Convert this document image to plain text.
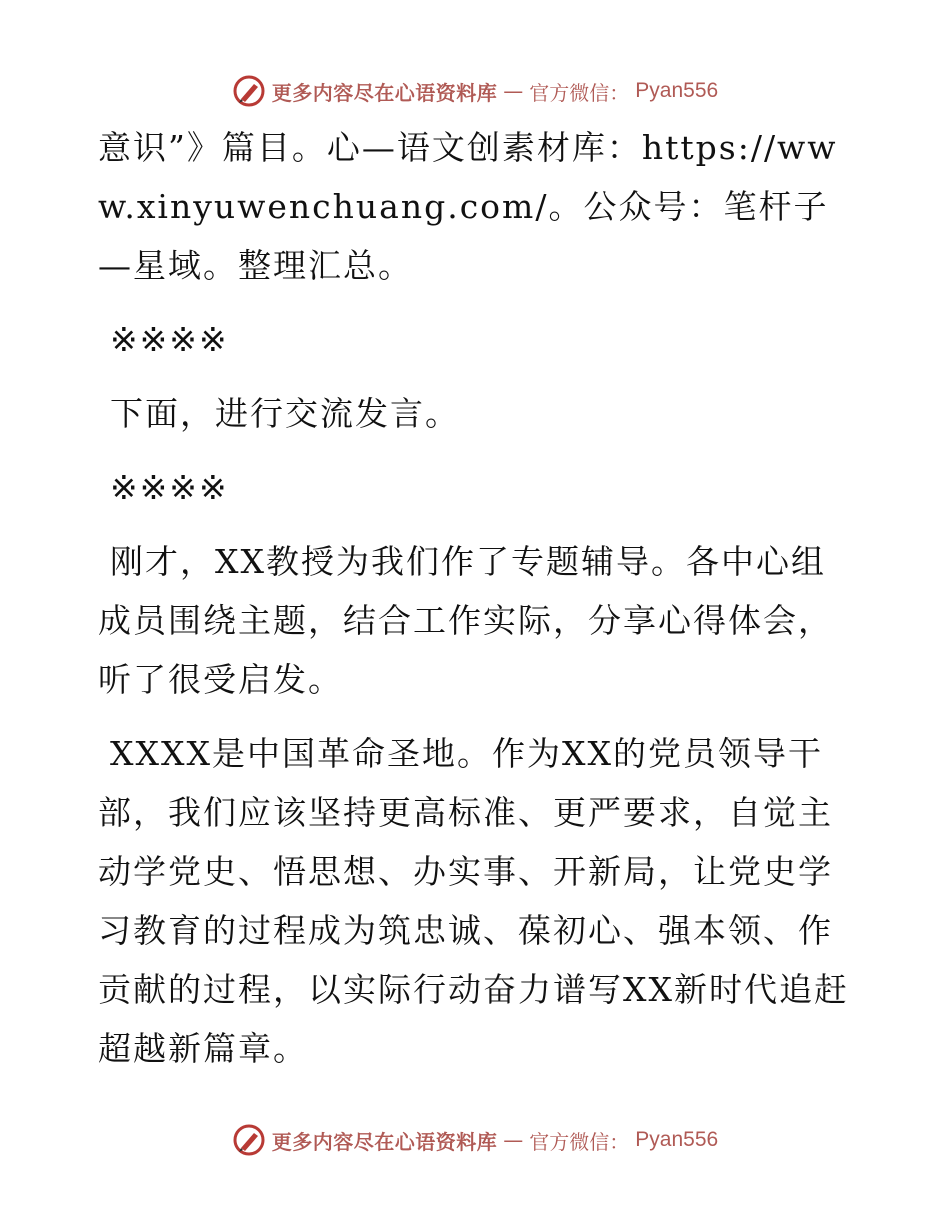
更多内容尽在心语资料库 — 官方微信： Pyan556

意识”》篇目。心—语文创素材库：https://www.xinyuwenchuang.com/。公众号：笔杆子—星域。整理汇总。

※※※※

下面，进行交流发言。

※※※※

刚才，XX教授为我们作了专题辅导。各中心组成员围绕主题，结合工作实际，分享心得体会，听了很受启发。

XXXX是中国革命圣地。作为XX的党员领导干部，我们应该坚持更高标准、更严要求，自觉主动学党史、悟思想、办实事、开新局，让党史学习教育的过程成为筑忠诚、葆初心、强本领、作贡献的过程，以实际行动奋力谱写XX新时代追赶超越新篇章。

更多内容尽在心语资料库 — 官方微信： Pyan556
